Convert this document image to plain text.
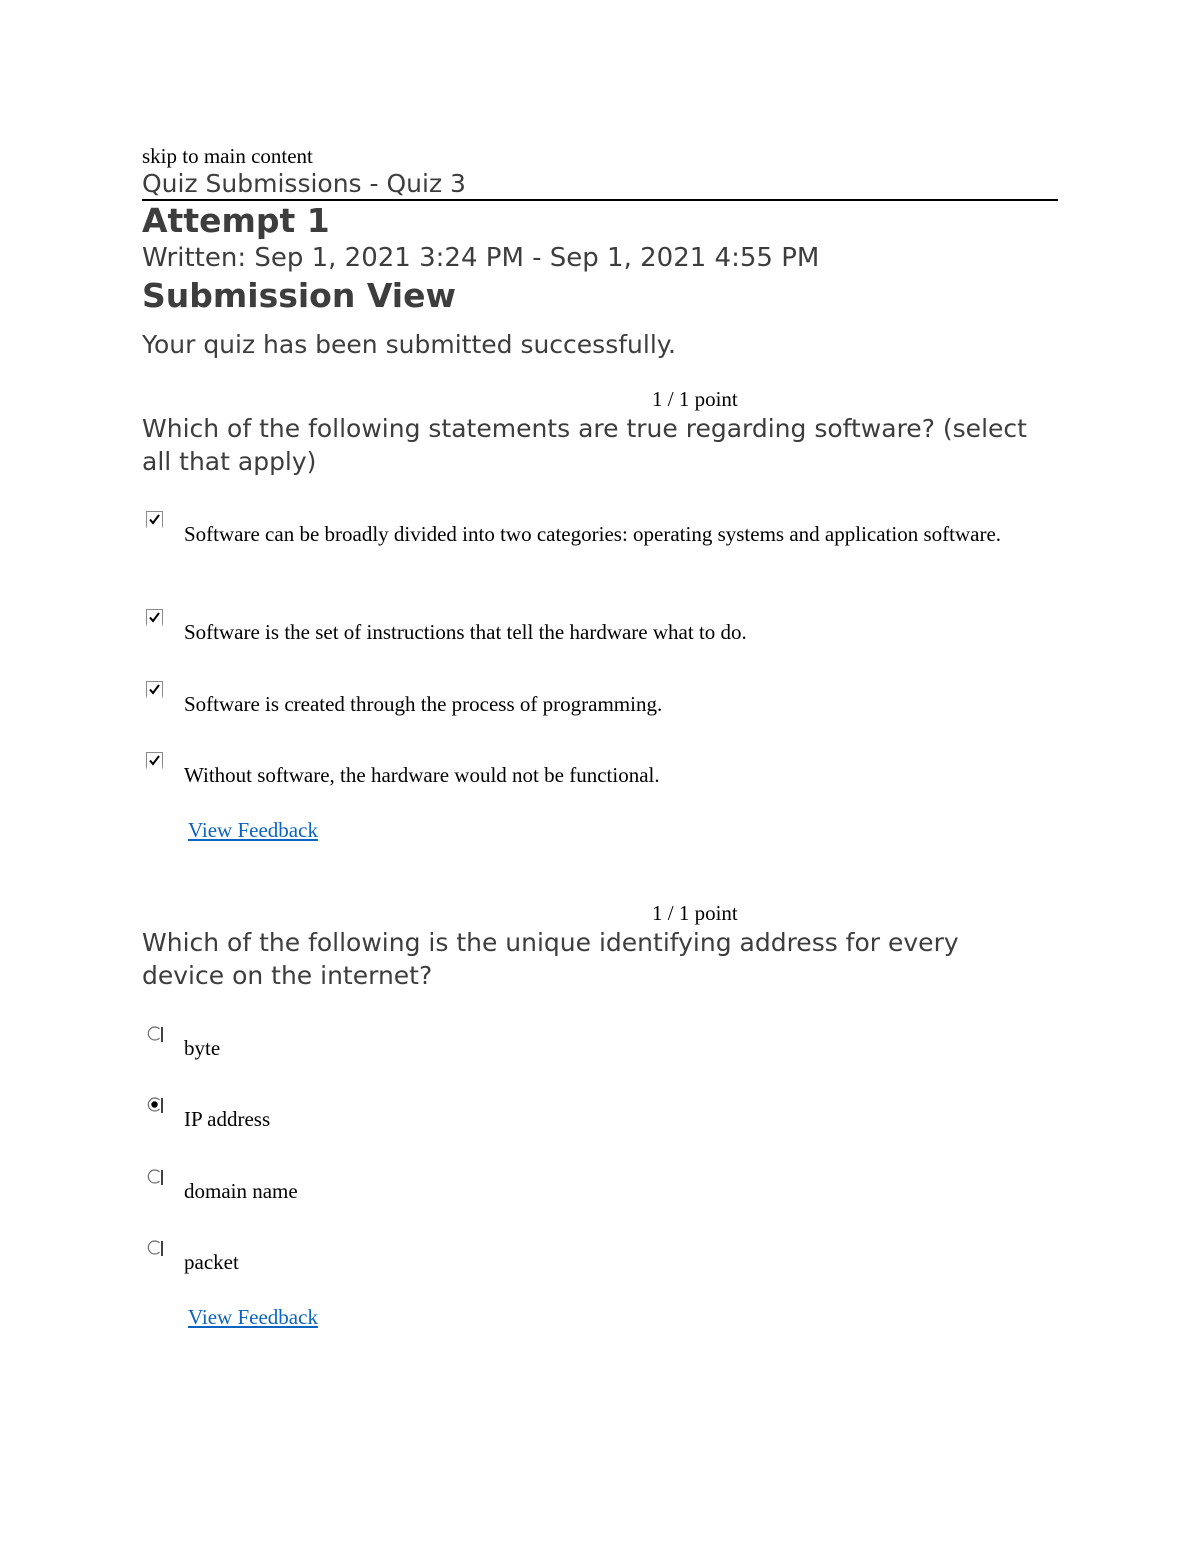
skip to main content
Quiz Submissions - Quiz 3
Attempt 1
Written: Sep 1, 2021 3:24 PM - Sep 1, 2021 4:55 PM
Submission View
Your quiz has been submitted successfully.
1 / 1 point
Which of the following statements are true regarding software? (select all that apply)
Software can be broadly divided into two categories: operating systems and application software.
Software is the set of instructions that tell the hardware what to do.
Software is created through the process of programming.
Without software, the hardware would not be functional.
View Feedback
1 / 1 point
Which of the following is the unique identifying address for every device on the internet?
byte
IP address
domain name
packet
View Feedback
